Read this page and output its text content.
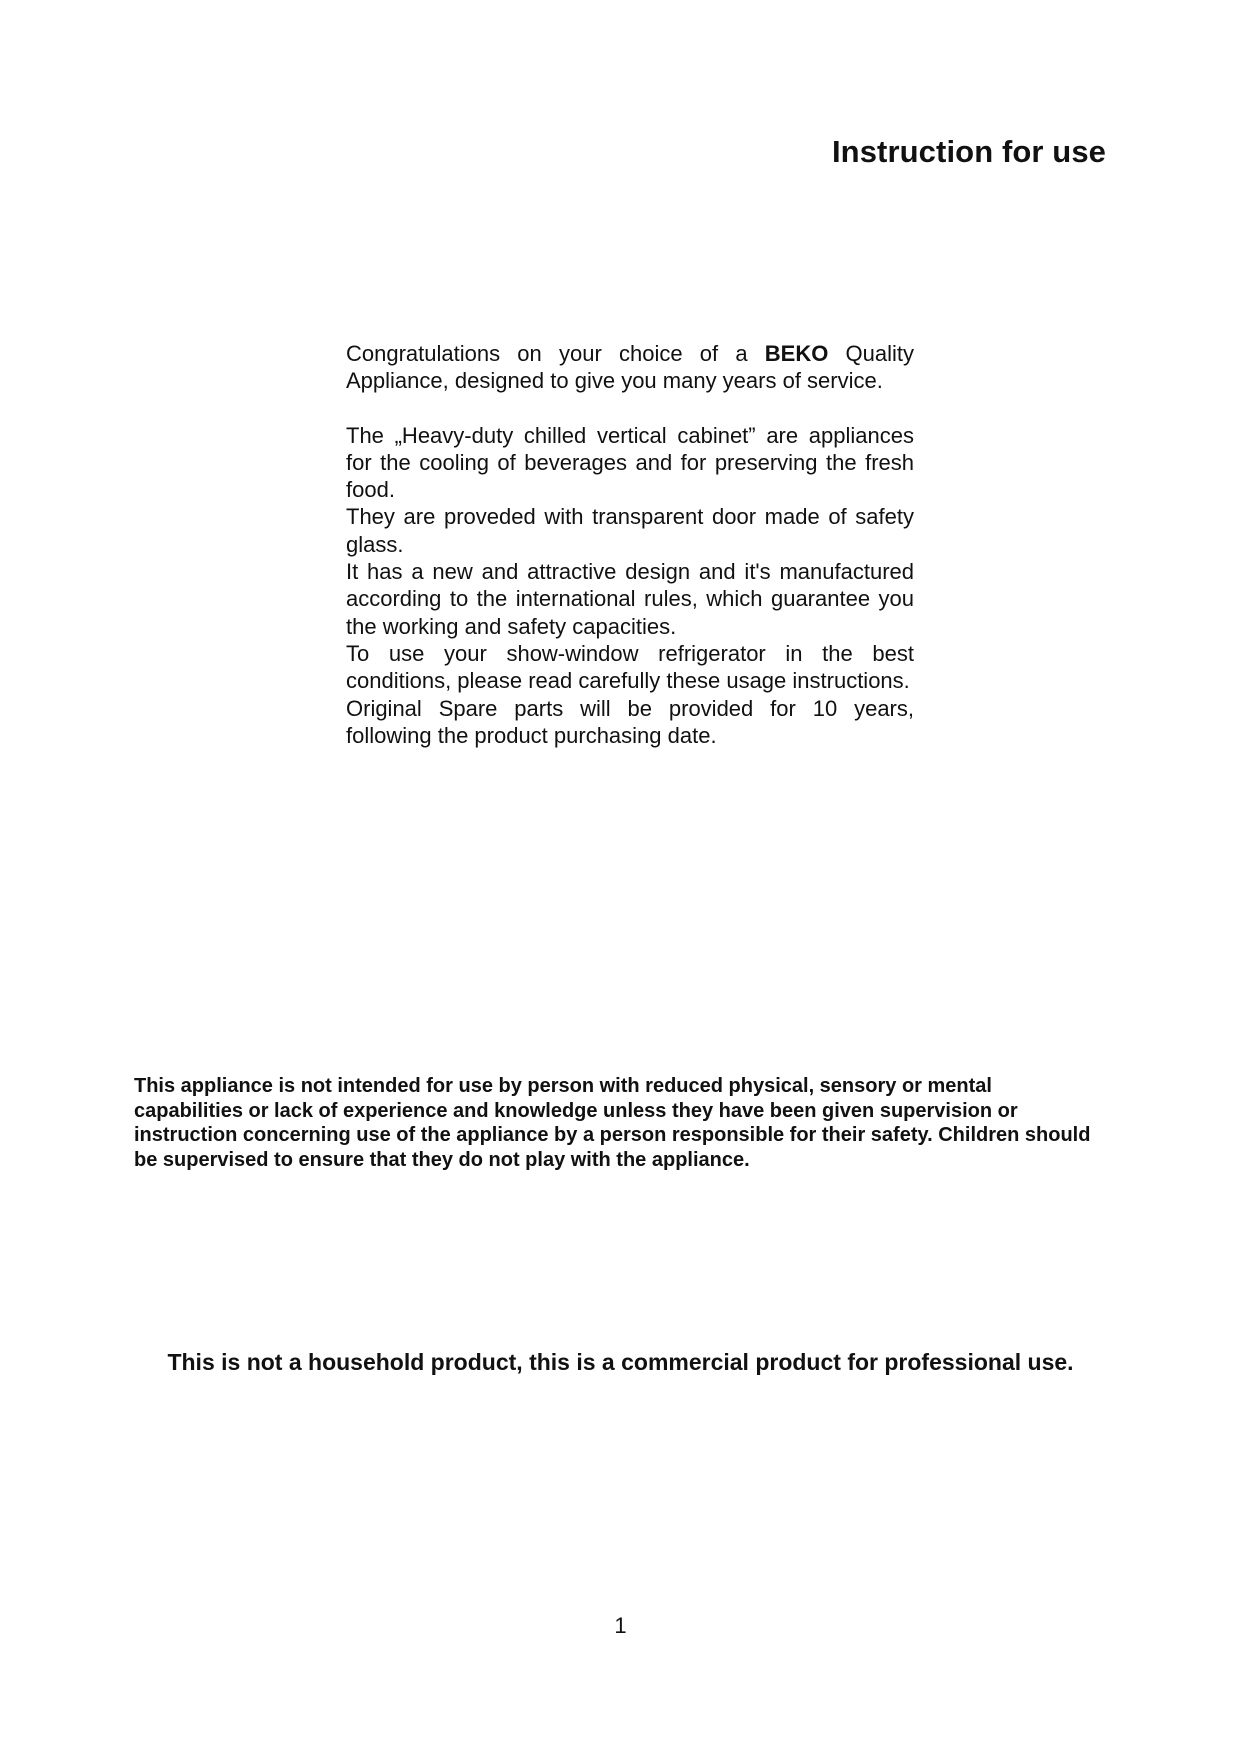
Instruction for use

Congratulations on your choice of a BEKO Quality Appliance, designed to give you many years of service.

The „Heavy-duty chilled vertical cabinet” are appliances for the cooling of beverages and for preserving the fresh food.

They are proveded with transparent door made of safety glass.

It has a new and attractive design and it's manufactured according to the international rules, which guarantee you the working and safety capacities.

To use your show-window refrigerator in the best conditions, please read carefully these usage instructions.

Original Spare parts will be provided for 10 years, following the product purchasing date.

This appliance is not intended for use by person with reduced physical, sensory or mental capabilities or lack of experience and knowledge unless they have been given supervision or instruction concerning use of the appliance by a person responsible for their safety. Children should be supervised to ensure that they do not play with the appliance.

This is not a household product, this is a commercial product for professional use.

1
